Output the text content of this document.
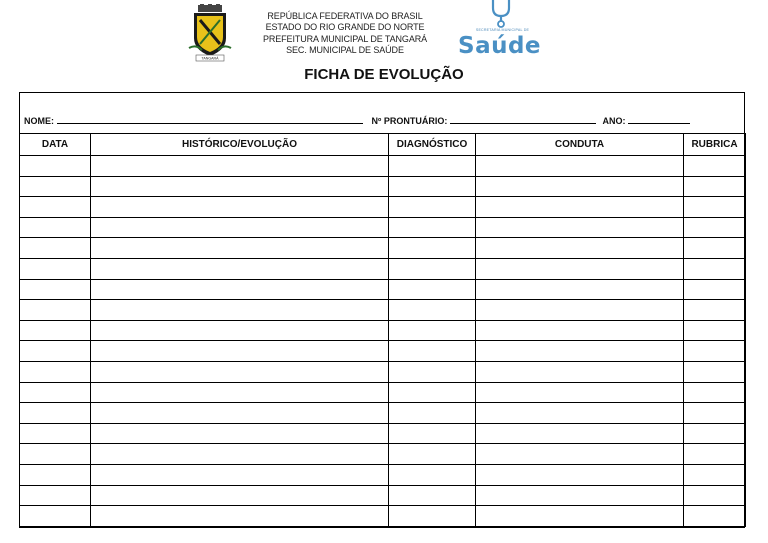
TANGARÁ
REPÚBLICA FEDERATIVA DO BRASIL
ESTADO DO RIO GRANDE DO NORTE
PREFEITURA MUNICIPAL DE TANGARÁ
SEC. MUNICIPAL DE SAÚDE
SECRETARIA MUNICIPAL DE
Saúde
FICHA DE EVOLUÇÃO
NOME:	Nº PRONTUÁRIO:	ANO:
DATA	HISTÓRICO/EVOLUÇÃO	DIAGNÓSTICO	CONDUTA	RUBRICA
